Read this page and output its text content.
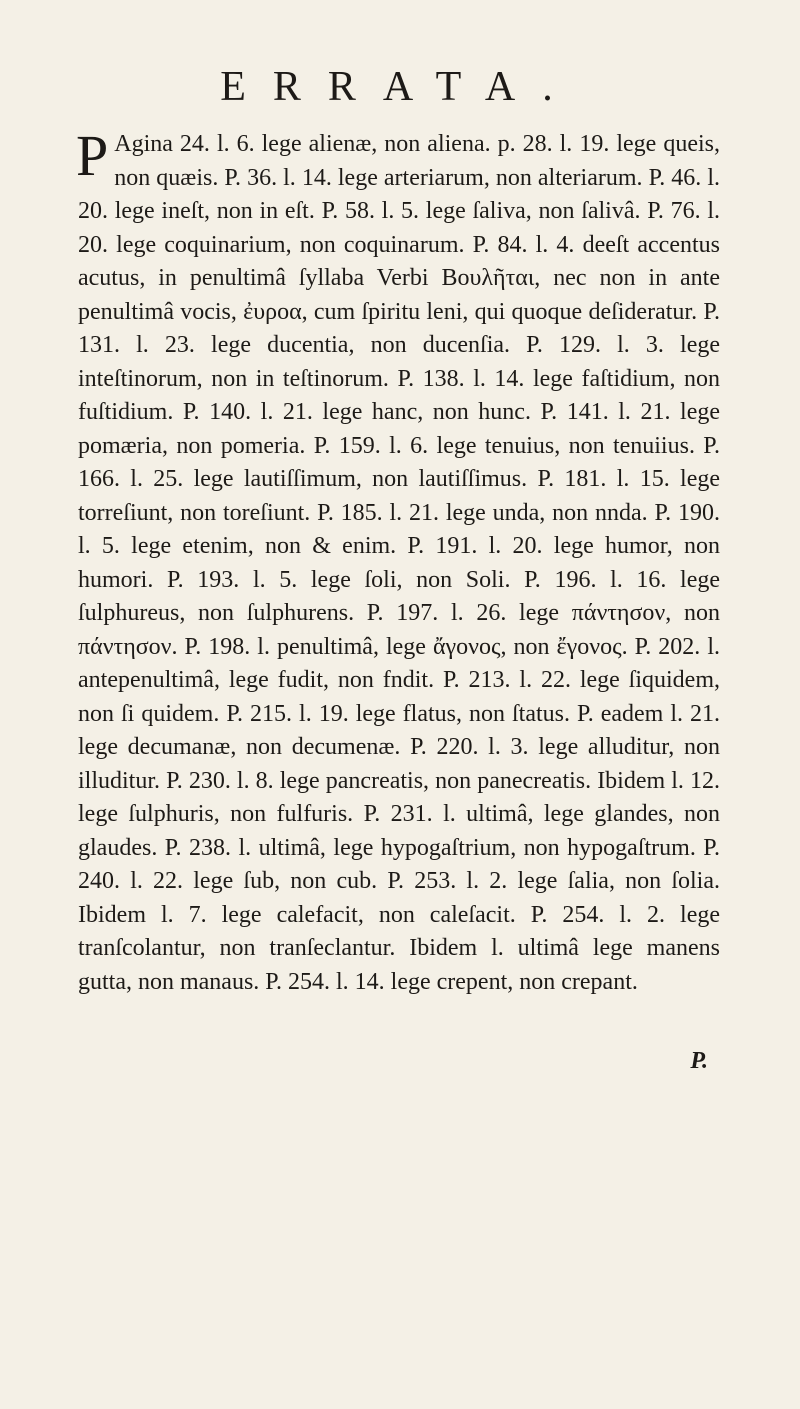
ERRATA.

P Agina 24. l. 6. lege alienæ, non aliena. p. 28. l. 19. lege queis, non quæis. P. 36. l. 14. lege arteriarum, non alteriarum. P. 46. l. 20. lege ineſt, non in eſt. P. 58. l. 5. lege ſaliva, non ſalivâ. P. 76. l. 20. lege coquinarium, non coquinarum. P. 84. l. 4. deeſt accentus acutus, in penultimâ ſyllaba Verbi Βουλῆται, nec non in ante penultimâ vocis, ἐυροα, cum ſpiritu leni, qui quoque deſideratur. P. 131. l. 23. lege ducentia, non ducenſia. P. 129. l. 3. lege inteſtinorum, non in teſtinorum. P. 138. l. 14. lege faſtidium, non fuſtidium. P. 140. l. 21. lege hanc, non hunc. P. 141. l. 21. lege pomæria, non pomeria. P. 159. l. 6. lege tenuius, non tenuiius. P. 166. l. 25. lege lautiſſimum, non lautiſſimus. P. 181. l. 15. lege torreſiunt, non toreſiunt. P. 185. l. 21. lege unda, non nnda. P. 190. l. 5. lege etenim, non & enim. P. 191. l. 20. lege humor, non humori. P. 193. l. 5. lege ſoli, non Soli. P. 196. l. 16. lege ſulphureus, non ſulphurens. P. 197. l. 26. lege πάντησον, non πάντησον. P. 198. l. penultimâ, lege ἄγονος, non ἔγονος. P. 202. l. antepenultimâ, lege fudit, non fndit. P. 213. l. 22. lege ſiquidem, non ſi quidem. P. 215. l. 19. lege flatus, non ſtatus. P. eadem l. 21. lege decumanæ, non decumenæ. P. 220. l. 3. lege alluditur, non illuditur. P. 230. l. 8. lege pancreatis, non panecreatis. Ibidem l. 12. lege ſulphuris, non fulfuris. P. 231. l. ultimâ, lege glandes, non glaudes. P. 238. l. ultimâ, lege hypogaſtrium, non hypogaſtrum. P. 240. l. 22. lege ſub, non cub. P. 253. l. 2. lege ſalia, non ſolia. Ibidem l. 7. lege calefacit, non caleſacit. P. 254. l. 2. lege tranſcolantur, non tranſeclantur. Ibidem l. ultimâ lege manens gutta, non manaus. P. 254. l. 14. lege crepent, non crepant.

P.
